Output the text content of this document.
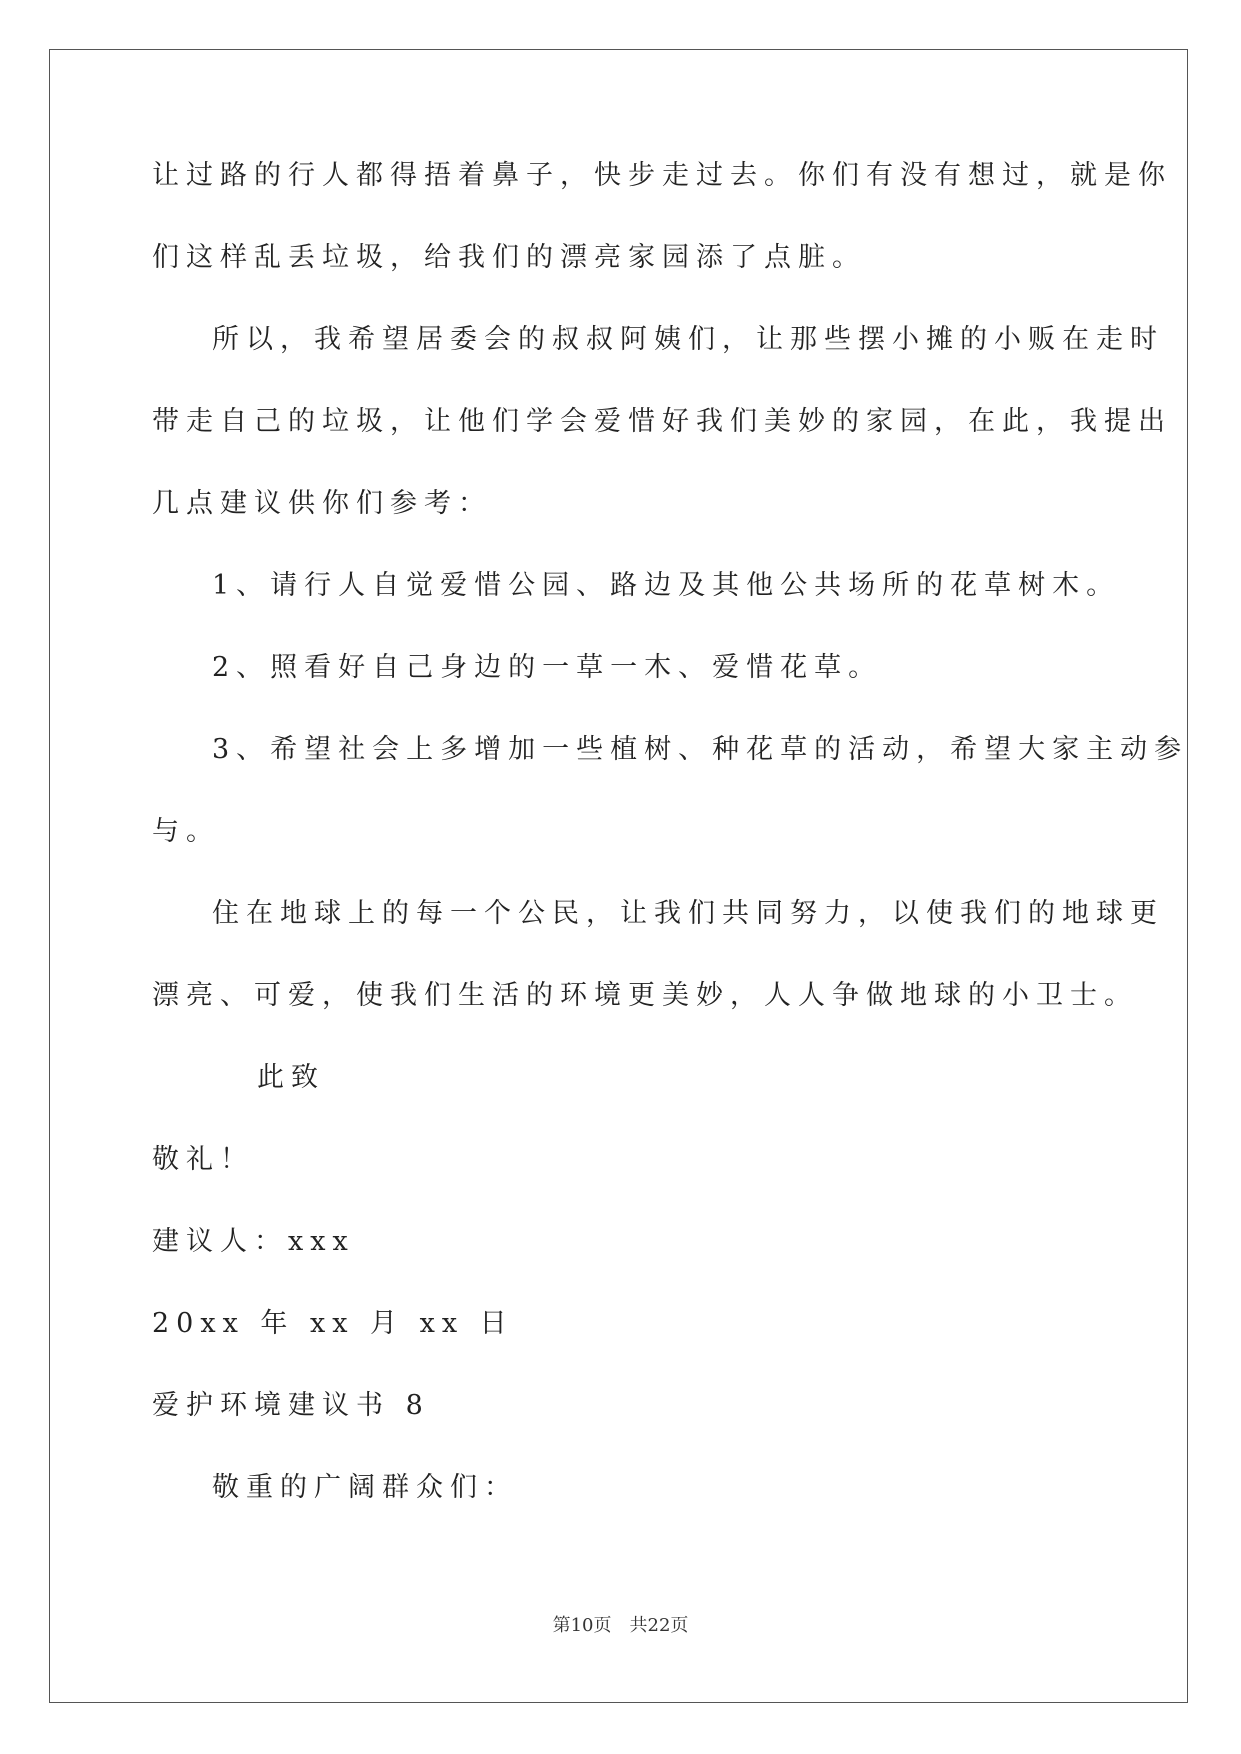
让过路的行人都得捂着鼻子，快步走过去。你们有没有想过，就是你
们这样乱丢垃圾，给我们的漂亮家园添了点脏。
所以，我希望居委会的叔叔阿姨们，让那些摆小摊的小贩在走时
带走自己的垃圾，让他们学会爱惜好我们美妙的家园，在此，我提出
几点建议供你们参考：
1、请行人自觉爱惜公园、路边及其他公共场所的花草树木。
2、照看好自己身边的一草一木、爱惜花草。
3、希望社会上多增加一些植树、种花草的活动，希望大家主动参
与。
住在地球上的每一个公民，让我们共同努力，以使我们的地球更
漂亮、可爱，使我们生活的环境更美妙，人人争做地球的小卫士。
此致
敬礼！
建议人：xxx
20xx 年 xx 月 xx 日
爱护环境建议书 8
敬重的广阔群众们：
第10页 共22页
